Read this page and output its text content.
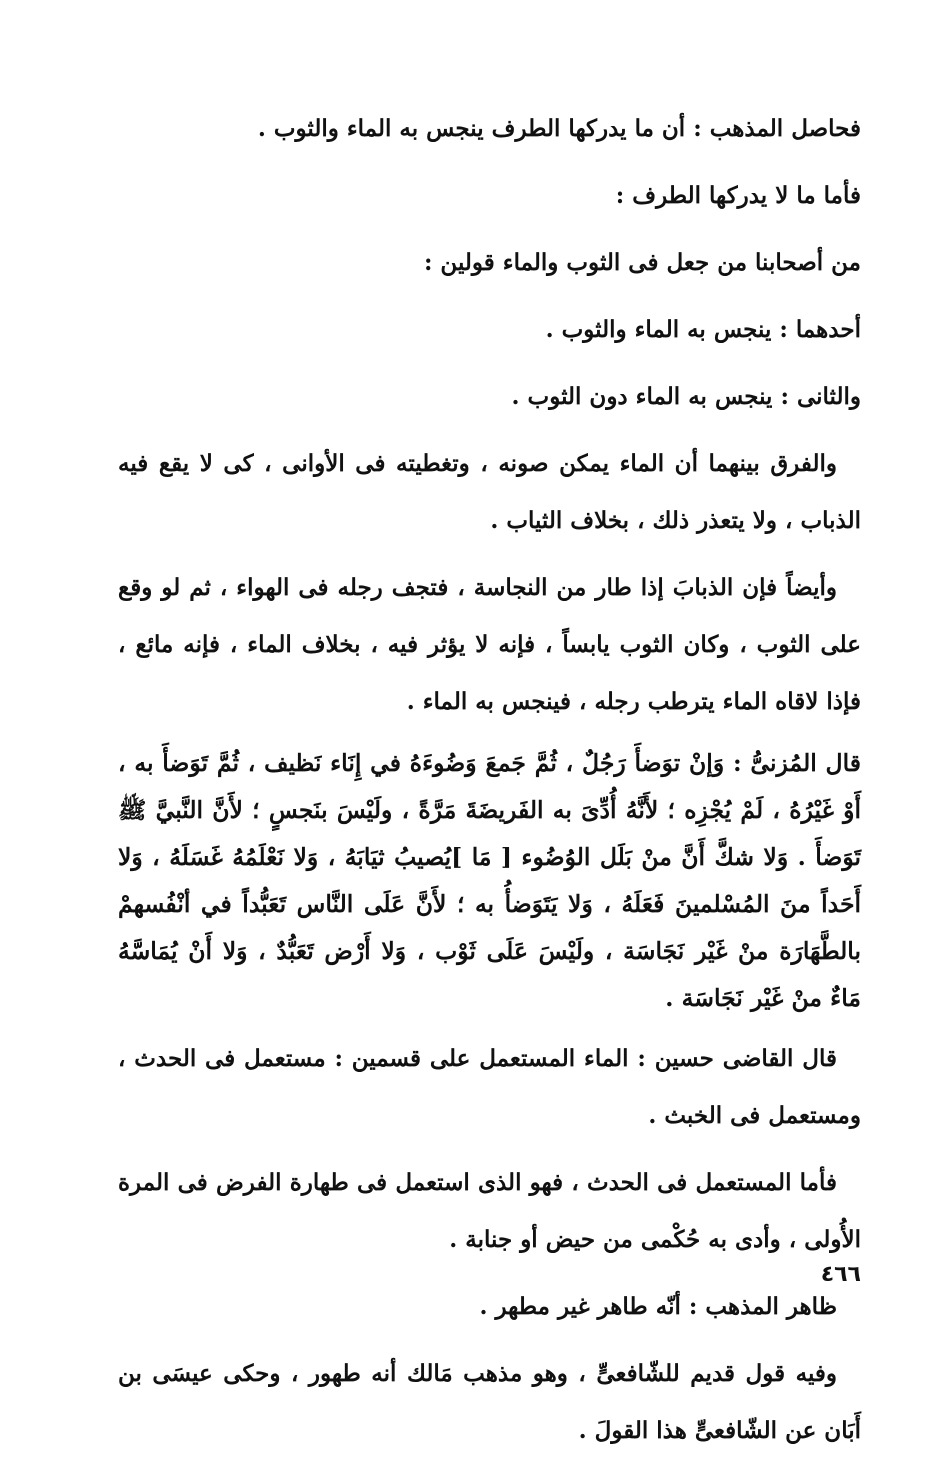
فحاصل المذهب : أن ما يدركها الطرف ينجس به الماء والثوب .

فأما ما لا يدركها الطرف :

من أصحابنا من جعل فى الثوب والماء قولين :

أحدهما : ينجس به الماء والثوب .

والثانى : ينجس به الماء دون الثوب .

والفرق بينهما أن الماء يمكن صونه ، وتغطيته فى الأوانى ، كى لا يقع فيه الذباب ، ولا يتعذر ذلك ، بخلاف الثياب .

وأيضاً فإن الذبابَ إذا طار من النجاسة ، فتجف رجله فى الهواء ، ثم لو وقع على الثوب ، وكان الثوب يابساً ، فإنه لا يؤثر فيه ، بخلاف الماء ، فإنه مائع ، فإذا لاقاه الماء يترطب رجله ، فينجس به الماء .

قال المُزنىُّ : وَإنْ توَضأَ رَجُلٌ ، ثُمَّ جَمعَ وَضُوءَهُ في إِنَاء نَظيف ، ثُمَّ تَوَضأَ به ، أَوْ غَيْرُهُ ، لَمْ يُجْزِه ؛ لأَنَّهُ أُدِّىَ به الفَريضَةَ مَرَّةً ، ولَيْسَ بنَجسٍ ؛ لأَنَّ النَّبيَّ ﷺ تَوَضأَ . وَلا شكَّ أَنَّ منْ بَلَل الوُضُوء [ مَا ]يُصيبُ ثيَابَهُ ، وَلا نَعْلَمُهُ غَسَلَهُ ، وَلا أَحَداً منَ المُسْلمينَ فَعَلَهُ ، وَلا يَتَوَضأُ به ؛ لأَنَّ عَلَى النَّاس تَعَبُّداً في أنْفُسهمْ بالطَّهَارَة منْ غَيْر نَجَاسَة ، ولَيْسَ عَلَى ثَوْب ، وَلا أَرْض تَعَبُّدٌ ، وَلا أَنْ يُمَاسَّهُ مَاءٌ منْ غَيْر نَجَاسَة .

قال القاضى حسين : الماء المستعمل على قسمين : مستعمل فى الحدث ، ومستعمل فى الخبث .

فأما المستعمل فى الحدث ، فهو الذى استعمل فى طهارة الفرض فى المرة الأُولى ، وأدى به حُكْمى من حيض أو جنابة .

ظاهر المذهب : أنّه طاهر غير مطهر .

وفيه قول قديم للشّافعىٍّ ، وهو مذهب مَالك أنه طهور ، وحكى عيسَى بن أَبَان عن الشّافعىٍّ هذا القولَ .

٤٦٦
